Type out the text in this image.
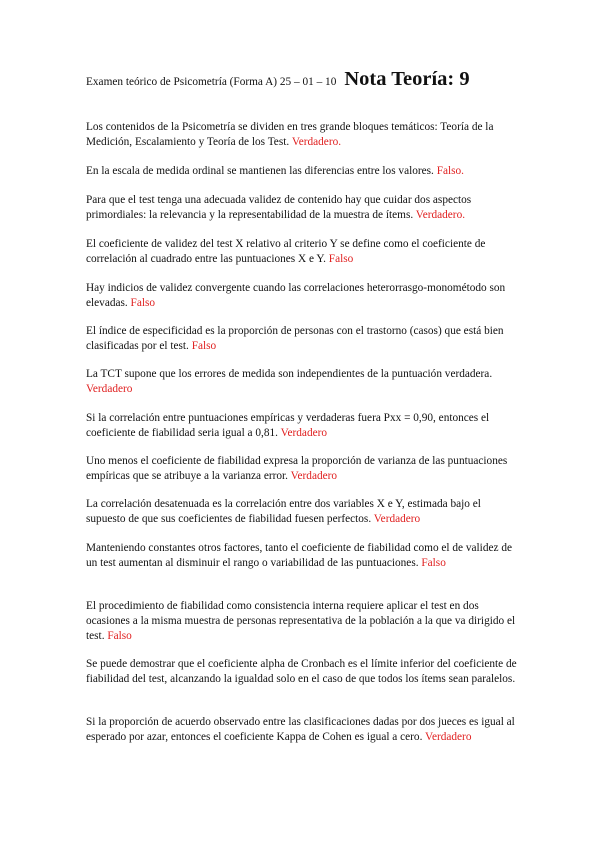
Examen teórico de Psicometría (Forma A) 25 – 01 – 10 Nota Teoría: 9

Los contenidos de la Psicometría se dividen en tres grande bloques temáticos: Teoría de la Medición, Escalamiento y Teoría de los Test. Verdadero.

En la escala de medida ordinal se mantienen las diferencias entre los valores. Falso.

Para que el test tenga una adecuada validez de contenido hay que cuidar dos aspectos primordiales: la relevancia y la representabilidad de la muestra de ítems. Verdadero.

El coeficiente de validez del test X relativo al criterio Y se define como el coeficiente de correlación al cuadrado entre las puntuaciones X e Y. Falso

Hay indicios de validez convergente cuando las correlaciones heterorrasgo-monométodo son elevadas. Falso

El índice de especificidad es la proporción de personas con el trastorno (casos) que está bien clasificadas por el test. Falso

La TCT supone que los errores de medida son independientes de la puntuación verdadera. Verdadero

Si la correlación entre puntuaciones empíricas y verdaderas fuera Pxx = 0,90, entonces el coeficiente de fiabilidad seria igual a 0,81. Verdadero

Uno menos el coeficiente de fiabilidad expresa la proporción de varianza de las puntuaciones empíricas que se atribuye a la varianza error. Verdadero

La correlación desatenuada es la correlación entre dos variables X e Y, estimada bajo el supuesto de que sus coeficientes de fiabilidad fuesen perfectos. Verdadero

Manteniendo constantes otros factores, tanto el coeficiente de fiabilidad como el de validez de un test aumentan al disminuir el rango o variabilidad de las puntuaciones. Falso

El procedimiento de fiabilidad como consistencia interna requiere aplicar el test en dos ocasiones a la misma muestra de personas representativa de la población a la que va dirigido el test. Falso

Se puede demostrar que el coeficiente alpha de Cronbach es el límite inferior del coeficiente de fiabilidad del test, alcanzando la igualdad solo en el caso de que todos los ítems sean paralelos.

Si la proporción de acuerdo observado entre las clasificaciones dadas por dos jueces es igual al esperado por azar, entonces el coeficiente Kappa de Cohen es igual a cero. Verdadero
